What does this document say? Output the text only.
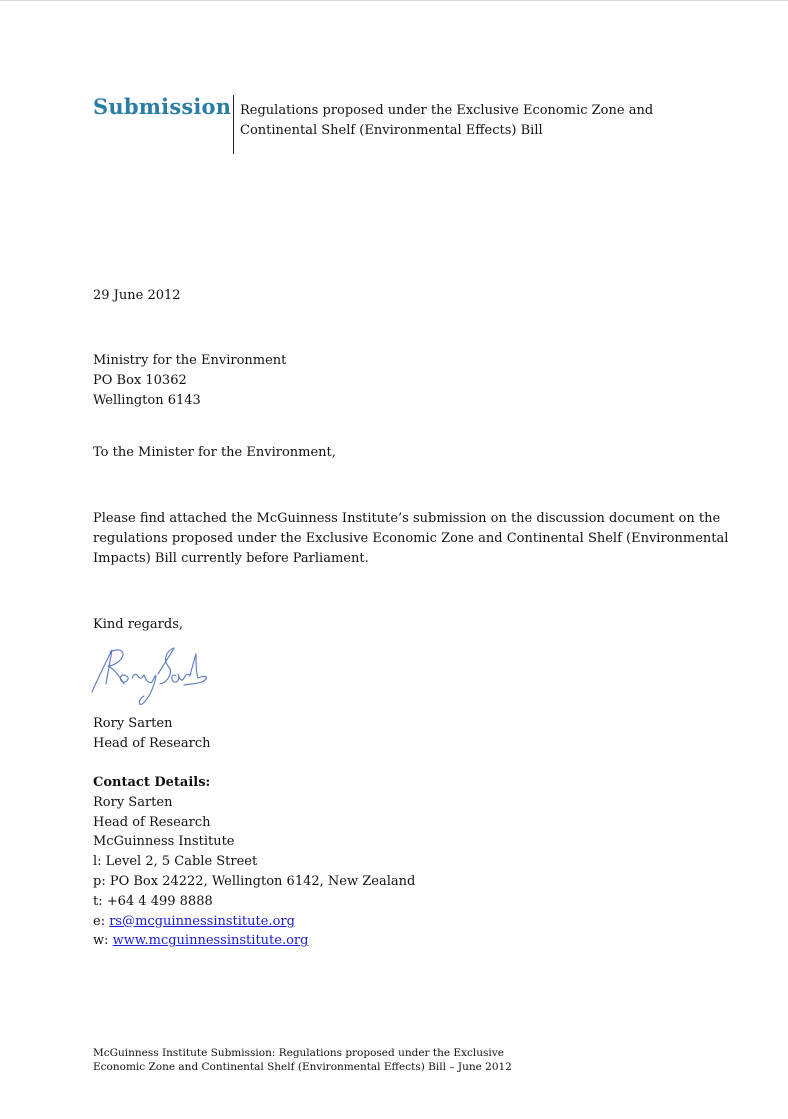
Submission Regulations proposed under the Exclusive Economic Zone and
Continental Shelf (Environmental Effects) Bill
29 June 2012
Ministry for the Environment
PO Box 10362
Wellington 6143
To the Minister for the Environment,
Please find attached the McGuinness Institute’s submission on the discussion document on the
regulations proposed under the Exclusive Economic Zone and Continental Shelf (Environmental
Impacts) Bill currently before Parliament.
Kind regards,
Rory Sarten
Head of Research
Contact Details:
Rory Sarten
Head of Research
McGuinness Institute
l: Level 2, 5 Cable Street
p: PO Box 24222, Wellington 6142, New Zealand
t: +64 4 499 8888
e: rs@mcguinnessinstitute.org
w: www.mcguinnessinstitute.org
McGuinness Institute Submission: Regulations proposed under the Exclusive
Economic Zone and Continental Shelf (Environmental Effects) Bill – June 2012
